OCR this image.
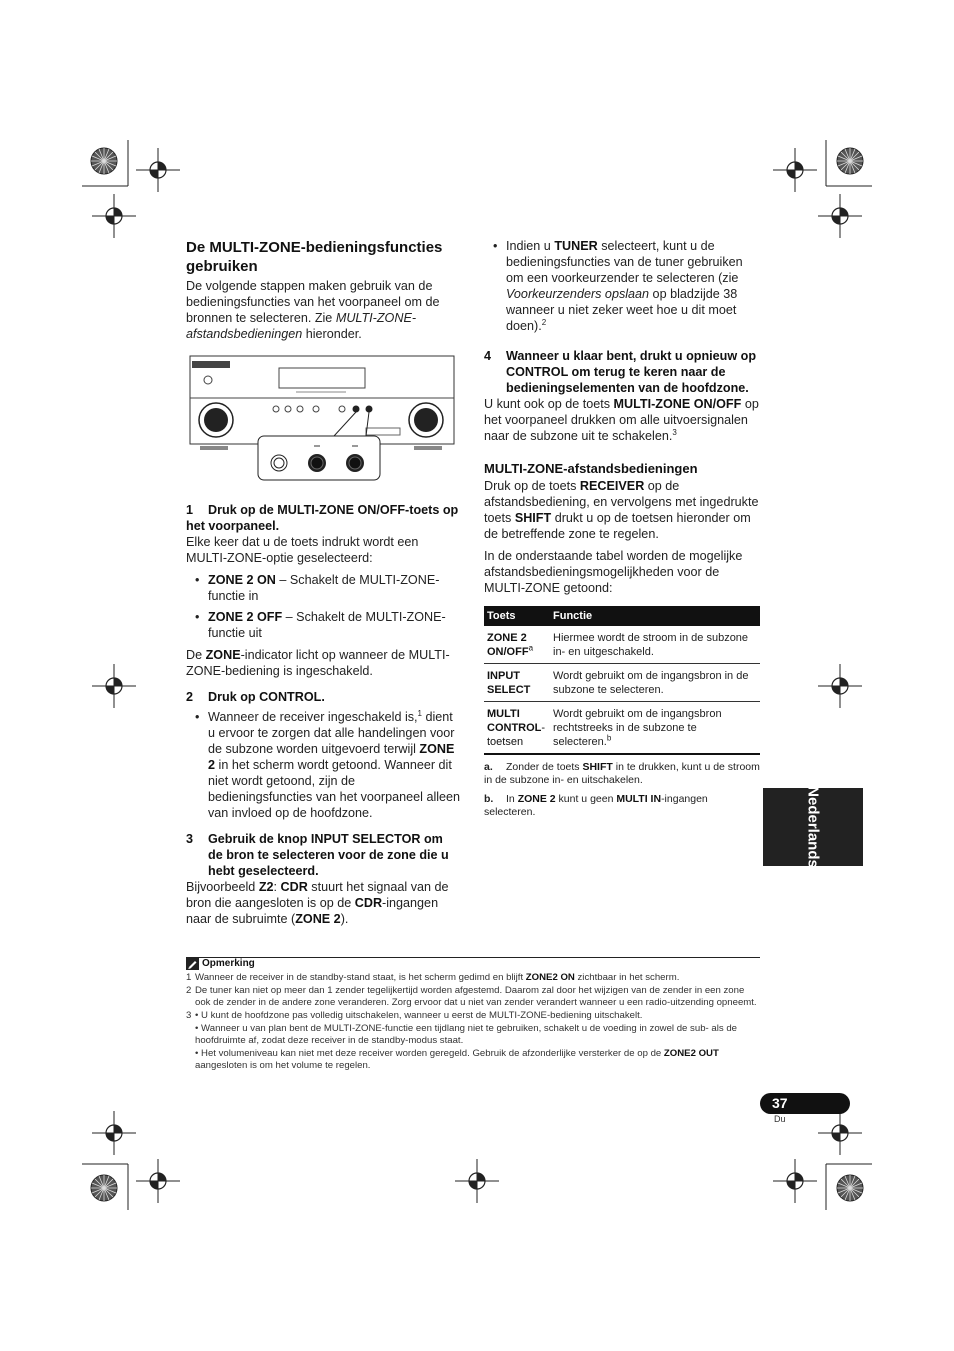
De MULTI-ZONE-bedieningsfuncties gebruiken

De volgende stappen maken gebruik van de bedieningsfuncties van het voorpaneel om de bronnen te selecteren. Zie MULTI-ZONE-afstandsbedieningen hieronder.

1 Druk op de MULTI-ZONE ON/OFF-toets op het voorpaneel.

Elke keer dat u de toets indrukt wordt een MULTI-ZONE-optie geselecteerd:

• ZONE 2 ON – Schakelt de MULTI-ZONE-functie in
• ZONE 2 OFF – Schakelt de MULTI-ZONE-functie uit

De ZONE-indicator licht op wanneer de MULTI-ZONE-bediening is ingeschakeld.

2 Druk op CONTROL.

• Wanneer de receiver ingeschakeld is,$^1$ dient u ervoor te zorgen dat alle handelingen voor de subzone worden uitgevoerd terwijl ZONE 2 in het scherm wordt getoond. Wanneer dit niet wordt getoond, zijn de bedieningsfuncties van het voorpaneel alleen van invloed op de hoofdzone.

3 Gebruik de knop INPUT SELECTOR om de bron te selecteren voor de zone die u hebt geselecteerd.

Bijvoorbeeld Z2: CDR stuurt het signaal van de bron die aangesloten is op de CDR-ingangen naar de subruimte (ZONE 2).

• Indien u TUNER selecteert, kunt u de bedieningsfuncties van de tuner gebruiken om een voorkeurzender te selecteren (zie Voorkeurzenders opslaan op bladzijde 38 wanneer u niet zeker weet hoe u dit moet doen).$^2$

4 Wanneer u klaar bent, drukt u opnieuw op CONTROL om terug te keren naar de bedieningselementen van de hoofdzone.

U kunt ook op de toets MULTI-ZONE ON/OFF op het voorpaneel drukken om alle uitvoersignalen naar de subzone uit te schakelen.$^3$

MULTI-ZONE-afstandsbedieningen

Druk op de toets RECEIVER op de afstandsbediening, en vervolgens met ingedrukte toets SHIFT drukt u op de toetsen hieronder om de betreffende zone te regelen.

In de onderstaande tabel worden de mogelijke afstandsbedieningsmogelijkheden voor de MULTI-ZONE getoond:

Toets	Functie
ZONE 2
ON/OFF$^a$	Hiermee wordt de stroom in de subzone in- en uitgeschakeld.
INPUT
SELECT	Wordt gebruikt om de ingangsbron in de subzone te selecteren.
MULTI
CONTROL-toetsen	Wordt gebruikt om de ingangsbron rechtstreeks in de subzone te selecteren.$^b$

a. Zonder de toets SHIFT in te drukken, kunt u de stroom in de subzone in- en uitschakelen.

b. In ZONE 2 kunt u geen MULTI IN-ingangen selecteren.	Nederlands
Opmerking
1 Wanneer de receiver in de standby-stand staat, is het scherm gedimd en blijft ZONE2 ON zichtbaar in het scherm.
2 De tuner kan niet op meer dan 1 zender tegelijkertijd worden afgestemd. Daarom zal door het wijzigen van de zender in een zone ook de zender in de andere zone veranderen. Zorg ervoor dat u niet van zender verandert wanneer u een radio-uitzending opneemt.
3 • U kunt de hoofdzone pas volledig uitschakelen, wanneer u eerst de MULTI-ZONE-bediening uitschakelt.
• Wanneer u van plan bent de MULTI-ZONE-functie een tijdlang niet te gebruiken, schakelt u de voeding in zowel de sub- als de hoofdruimte af, zodat deze receiver in de standby-modus staat.
• Het volumeniveau kan niet met deze receiver worden geregeld. Gebruik de afzonderlijke versterker de op de ZONE2 OUT aangesloten is om het volume te regelen.
37
Du
